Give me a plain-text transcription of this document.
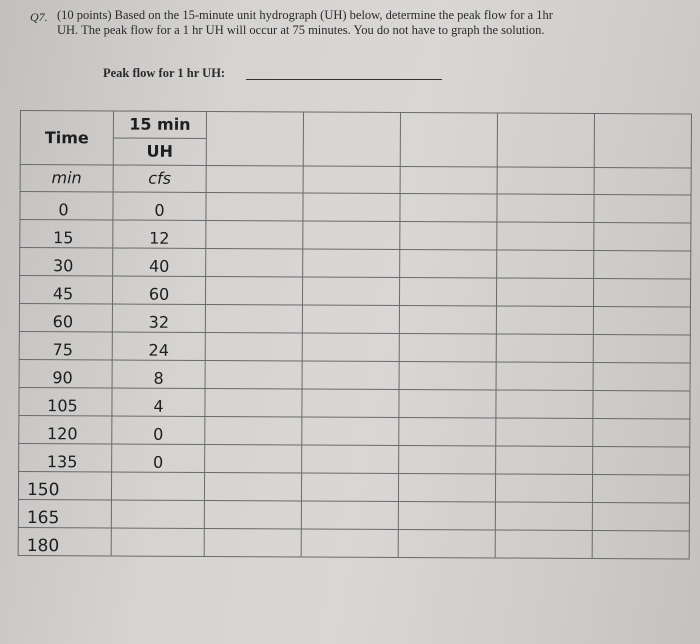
Q7. (10 points) Based on the 15-minute unit hydrograph (UH) below, determine the peak flow for a 1hr
UH. The peak flow for a 1 hr UH will occur at 75 minutes. You do not have to graph the solution.
Peak flow for 1 hr UH:
Time	15 min					
	UH					
min	cfs					
0	0					
15	12					
30	40					
45	60					
60	32					
75	24					
90	8					
105	4					
120	0					
135	0					
150						
165						
180						
